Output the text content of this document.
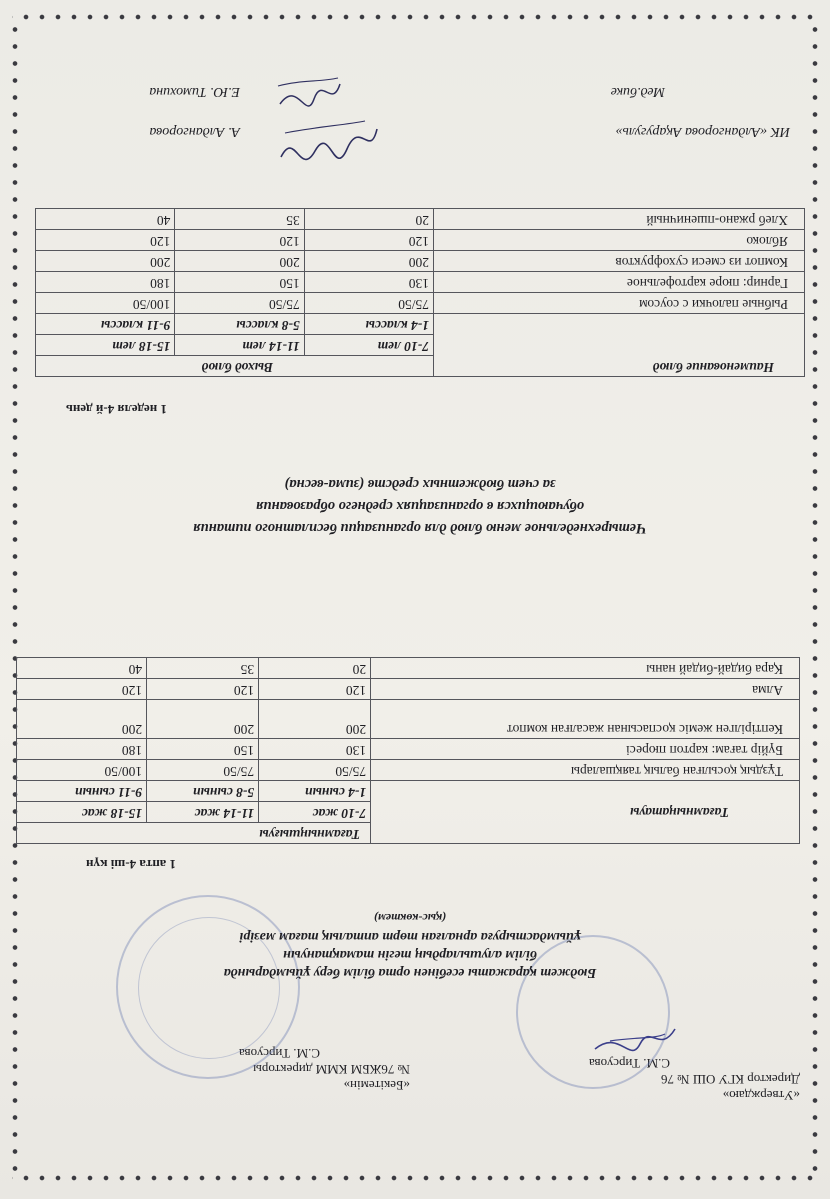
«Утверждаю»
Директор КГУ ОШ № 76
С.М. Тирсуова
«Бекітемін»
№ 76ЖБМ КММ директоры
С.М. Тирсуова
Бюджет қаражаты есебінен орта білім беру ұйымдарында
білім алушылардың тегін тамақтануын
ұйымдастыруға арналған төрт апталық тағам мәзірі
(қыс-көктем)
1 апта 4-ші күн
Тағамныңатауы	Тағамныңшығуы		
	7-10 жас	11-14 жас	15-18 жас
	1-4 сынып	5-8 сынып	9-11 сынып
Тұздық қосылған балық таяқшалары	75/50	75/50	100/50
Бүйір тағам: картоп пюресі	130	150	180
Кептірілген жеміс қоспасынан жасалған компот	200	200	200
Алма	120	120	120
Қара бидай-бидай наны	20	35	40
Четырехнедельное меню блюд для организации бесплатного питания
обучающихся в организациях среднего образования
за счет бюджетных средств (зима-весна)
1 неделя 4-й день
Наименование блюд	Выход блюд		
	7-10 лет	11-14 лет	15-18 лет
	1-4 классы	5-8 классы	9-11 классы
Рыбные палочки с соусом	75/50	75/50	100/50
Гарнир: пюре картофельное	130	150	180
Компот из смеси сухофруктов	200	200	200
Яблоко	120	120	120
Хлеб ржано-пшеничный	20	35	40
ИК «Алдангорова Ақаругуль»
А. Алдангорова
Мед.бике
Е.Ю. Тимохина
